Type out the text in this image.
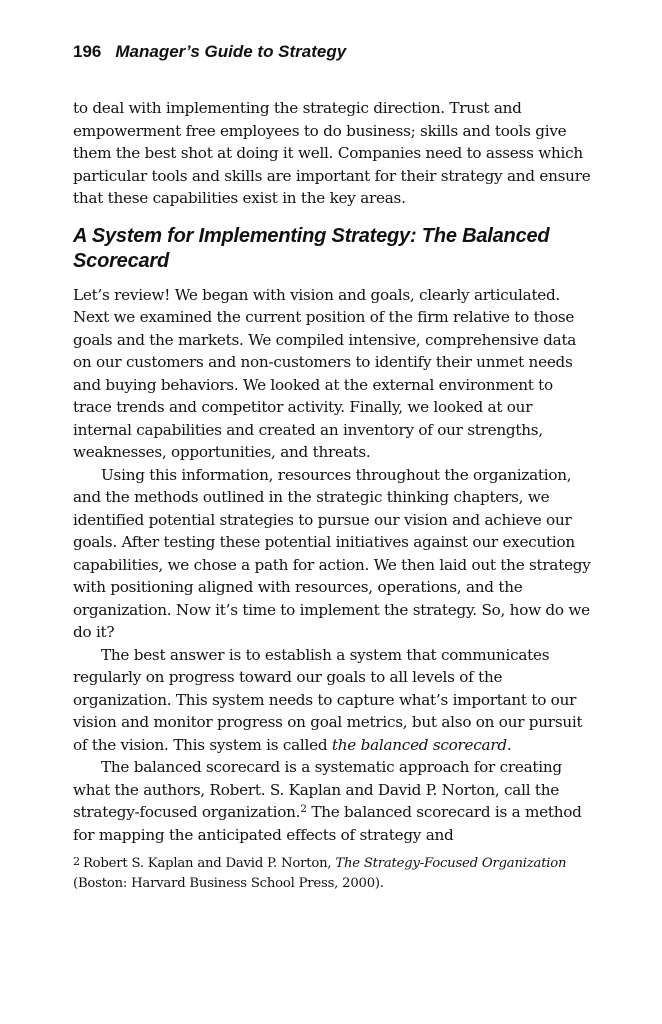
196 Manager’s Guide to Strategy

to deal with implementing the strategic direction. Trust and empowerment free employees to do business; skills and tools give them the best shot at doing it well. Companies need to assess which particular tools and skills are important for their strategy and ensure that these capabilities exist in the key areas.

A System for Implementing Strategy: The Balanced Scorecard

Let’s review! We began with vision and goals, clearly articulated. Next we examined the current position of the firm relative to those goals and the markets. We compiled intensive, comprehensive data on our customers and non-customers to identify their unmet needs and buying behaviors. We looked at the external environment to trace trends and competitor activity. Finally, we looked at our internal capabilities and created an inventory of our strengths, weaknesses, opportunities, and threats.

Using this information, resources throughout the organization, and the methods outlined in the strategic thinking chapters, we identified potential strategies to pursue our vision and achieve our goals. After testing these potential initiatives against our execution capabilities, we chose a path for action. We then laid out the strategy with positioning aligned with resources, operations, and the organization. Now it’s time to implement the strategy. So, how do we do it?

The best answer is to establish a system that communicates regularly on progress toward our goals to all levels of the organization. This system needs to capture what’s important to our vision and monitor progress on goal metrics, but also on our pursuit of the vision. This system is called the balanced scorecard.

The balanced scorecard is a systematic approach for creating what the authors, Robert. S. Kaplan and David P. Norton, call the strategy-focused organization.$^2$ The balanced scorecard is a method for mapping the anticipated effects of strategy and

2 Robert S. Kaplan and David P. Norton, The Strategy-Focused Organization (Boston: Harvard Business School Press, 2000).
